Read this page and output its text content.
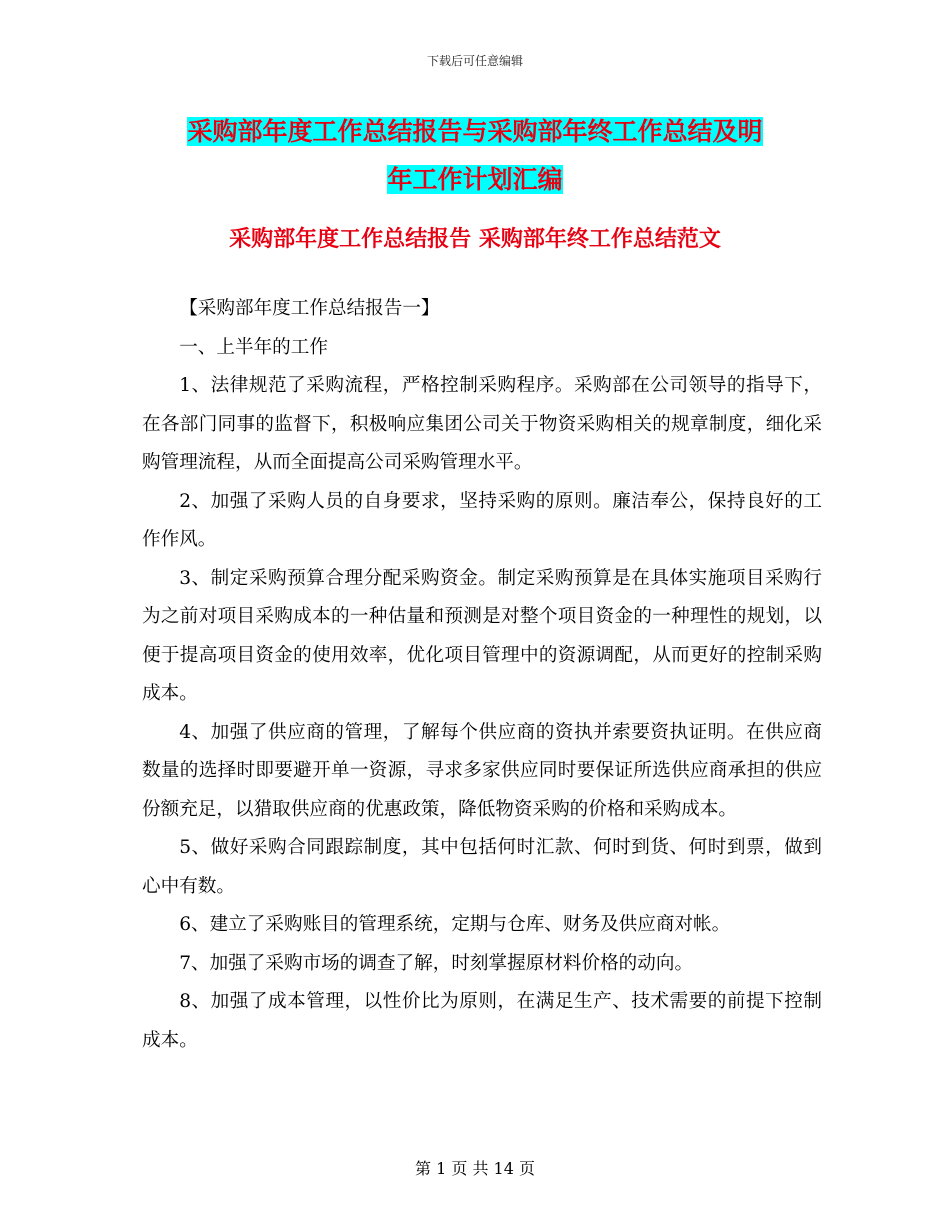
下载后可任意编辑
采购部年度工作总结报告与采购部年终工作总结及明
年工作计划汇编
采购部年度工作总结报告 采购部年终工作总结范文

【采购部年度工作总结报告一】

一、上半年的工作

1、法律规范了采购流程，严格控制采购程序。采购部在公司领导的指导下，在各部门同事的监督下，积极响应集团公司关于物资采购相关的规章制度，细化采购管理流程，从而全面提高公司采购管理水平。

2、加强了采购人员的自身要求，坚持采购的原则。廉洁奉公，保持良好的工作作风。

3、制定采购预算合理分配采购资金。制定采购预算是在具体实施项目采购行为之前对项目采购成本的一种估量和预测是对整个项目资金的一种理性的规划，以便于提高项目资金的使用效率，优化项目管理中的资源调配，从而更好的控制采购成本。

4、加强了供应商的管理，了解每个供应商的资执并索要资执证明。在供应商数量的选择时即要避开单一资源，寻求多家供应同时要保证所选供应商承担的供应份额充足，以猎取供应商的优惠政策，降低物资采购的价格和采购成本。

5、做好采购合同跟踪制度，其中包括何时汇款、何时到货、何时到票，做到心中有数。

6、建立了采购账目的管理系统，定期与仓库、财务及供应商对帐。

7、加强了采购市场的调查了解，时刻掌握原材料价格的动向。

8、加强了成本管理，以性价比为原则，在满足生产、技术需要的前提下控制成本。

第 1 页 共 14 页
